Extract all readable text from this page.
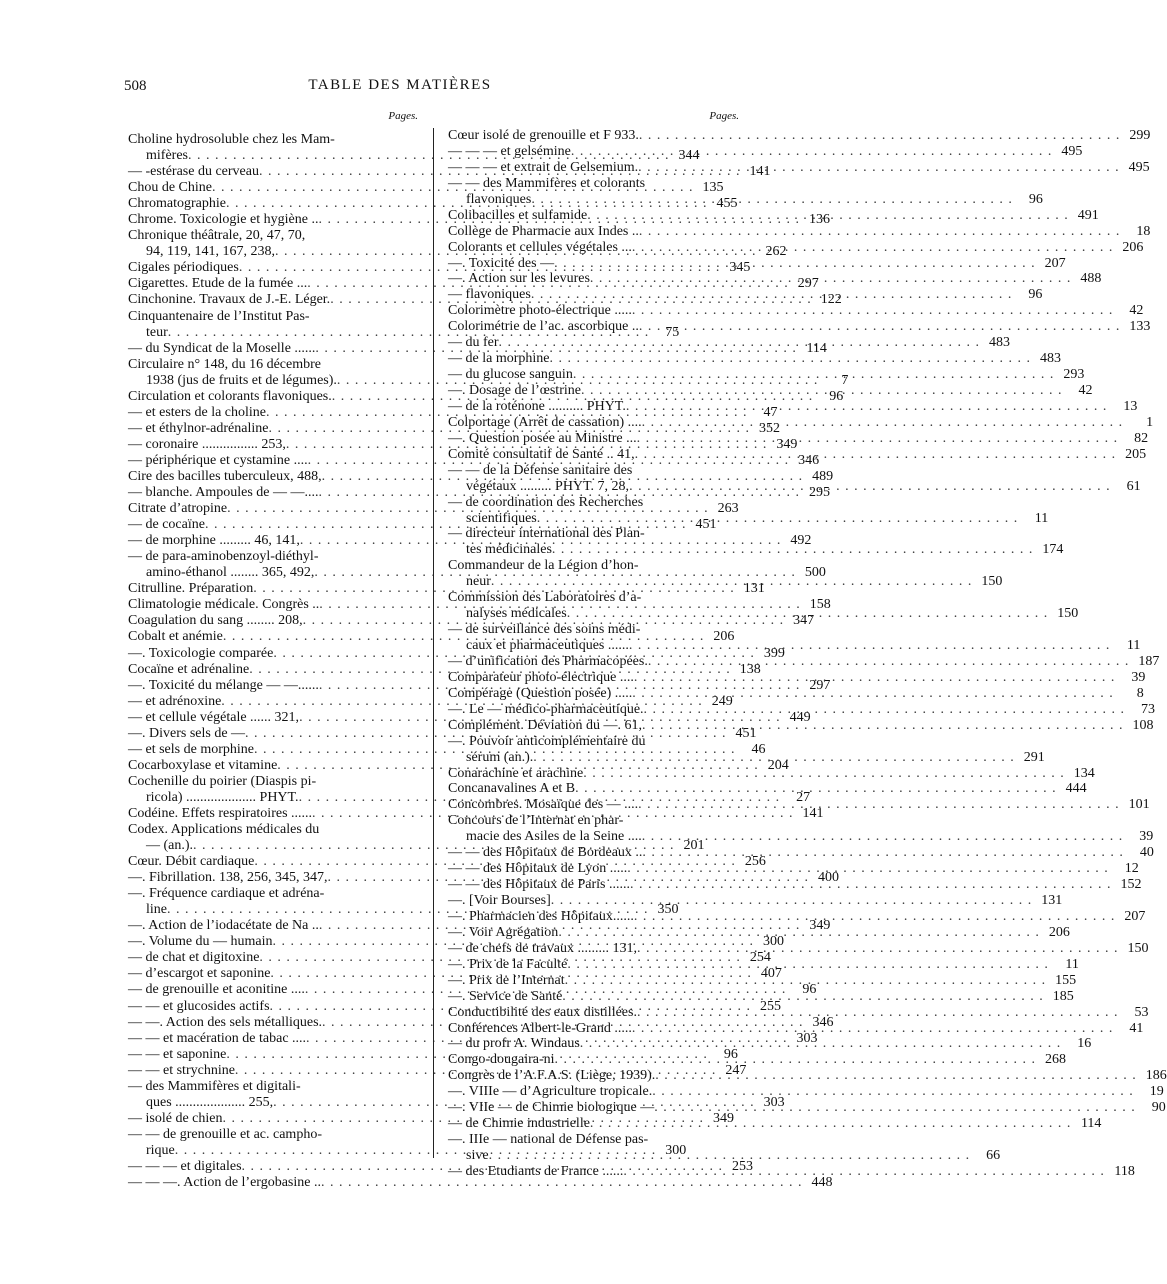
508	TABLE DES MATIÈRES
Pages.
Choline hydrosoluble chez les Mam-
mifères . . .	344
— -estérase du cerveau . . .	141
Chou de Chine . . .	135
Chromatographie . . .	455
Chrome. Toxicologie et hygiène .. . . .	136
Chronique théâtrale, 20, 47, 70,
94, 119, 141, 167, 238, . . .	262
Cigales périodiques . . .	345
Cigarettes. Etude de la fumée ... . . .	297
Cinchonine. Travaux de J.-E. Léger. . . .	122
Cinquantenaire de l’Institut Pas-
teur . . .	75
— du Syndicat de la Moselle ...... . . .	114
Circulaire n° 148, du 16 décembre
1938 (jus de fruits et de légumes). . . .	7
Circulation et colorants flavoniques. . . .	96
— et esters de la choline . . .	47
— et éthylnor-adrénaline . . .	352
— coronaire ................ 253, . . .	349
— périphérique et cystamine .... . . .	346
Cire des bacilles tuberculeux, 488, . . .	489
— blanche. Ampoules de — —.... . . .	295
Citrate d’atropine . . .	263
— de cocaïne . . .	451
— de morphine ......... 46, 141, . . .	492
— de para-aminobenzoyl-diéthyl-
amino-éthanol ........ 365, 492, . . .	500
Citrulline. Préparation . . .	131
Climatologie médicale. Congrès .. . . .	158
Coagulation du sang ........ 208, . . .	347
Cobalt et anémie . . .	206
—. Toxicologie comparée . . .	399
Cocaïne et adrénaline . . .	138
—. Toxicité du mélange — —...... . . .	297
— et adrénoxine . . .	249
— et cellule végétale ...... 321, . . .	449
—. Divers sels de — . . .	451
— et sels de morphine . . .	46
Cocarboxylase et vitamine . . .	204
Cochenille du poirier (Diaspis pi-
ricola) .................... PHYT. . . .	27
Codéine. Effets respiratoires ...... . . .	141
Codex. Applications médicales du
— (an.). . . .	201
Cœur. Débit cardiaque . . .	256
—. Fibrillation. 138, 256, 345, 347, . . .	400
—. Fréquence cardiaque et adréna-
line . . .	350
—. Action de l’iodacétate de Na .. . . .	349
—. Volume du — humain . . .	300
— de chat et digitoxine . . .	254
— d’escargot et saponine . . .	407
— de grenouille et aconitine .... . . .	96
— — et glucosides actifs . . .	255
— —. Action des sels métalliques. . . .	346
— — et macération de tabac .... . . .	303
— — et saponine . . .	96
— — et strychnine . . .	247
— des Mammifères et digitali-
ques .................... 255, . . .	303
— isolé de chien . . .	349
— — de grenouille et ac. campho-
rique . . .	300
— — — et digitales . . .	253
— — —. Action de l’ergobasine .. . . .	448
Pages.
Cœur isolé de grenouille et F 933. . . .	299
— — — et gelsémine . . .	495
— — — et extrait de Gelsemium. . . .	495
— — des Mammifères et colorants
flavoniques . . .	96
Colibacilles et sulfamide . . .	491
Collège de Pharmacie aux Indes .. . . .	18
Colorants et cellules végétales ... . . .	206
—. Toxicité des — . . .	207
—. Action sur les levures . . .	488
— flavoniques . . .	96
Colorimètre photo-électrique ..... . . .	42
Colorimétrie de l’ac. ascorbique .. . . .	133
— du fer . . .	483
— de la morphine . . .	483
— du glucose sanguin . . .	293
—. Dosage de l’œstrine . . .	42
— de la roténone .......... PHYT. . . .	13
Colportage (Arrêt de cassation) .... . . .	1
—. Question posée au Ministre ... . . .	82
Comité consultatif de Santé .. 41, . . .	205
— — de la Défense sanitaire des
végétaux ......... PHYT. 7, 28, . . .	61
— de coordination des Recherches
scientifiques . . .	11
— directeur international des Plan-
tes médicinales . . .	174
Commandeur de la Légion d’hon-
neur . . .	150
Commission des Laboratoires d’a-
nalyses médicales . . .	150
— de surveillance des soins médi-
caux et pharmaceutiques ...... . . .	11
— d’unification des Pharmacopées. . . .	187
Comparateur photo-électrique .... . . .	39
Compérage (Question posée) ..... . . .	8
—. Le — médico-pharmaceutique. . . .	73
Complément. Déviation du —. 61, . . .	108
—. Pouvoir anticomplémentaire du
sérum (an.). . . .	291
Conarachine et arachine . . .	134
Concanavalines A et B . . .	444
Concombres. Mosaïque des — .... . . .	101
Concours de l’Internat en phar-
macie des Asiles de la Seine .... . . .	39
— — des Hôpitaux de Bordeaux .. . . .	40
— — des Hôpitaux de Lyon ..... . . .	12
— — des Hôpitaux de Paris ...... . . .	152
—. [Voir Bourses] . . .	131
—. Pharmacien des Hôpitaux...... . . .	207
—. Voir Agrégation . . .	206
— de chefs de travaux ......... 131, . . .	150
—. Prix de la Faculté . . .	11
—. Prix de l’Internat . . .	155
—. Service de Santé . . .	185
Conductibilité des eaux distillées. . . .	53
Conférences Albert-le-Grand ..... . . .	41
— du profr A. Windaus . . .	16
Congo-dougaira-ni . . .	268
Congrès de l’A.F.A.S. (Liège, 1939). . . .	186
—. VIIIe — d’Agriculture tropicale. . . .	19
—. VIIe — de Chimie biologique — . . .	90
— de Chimie industrielle . . .	114
—. IIIe — national de Défense pas-
sive . . .	66
— des Etudiants de France ...... . . .	118
